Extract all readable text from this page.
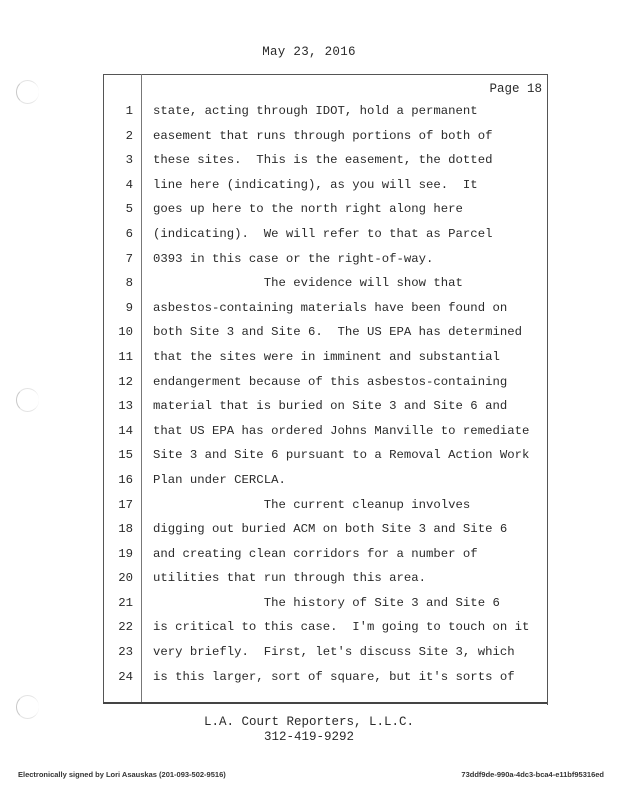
May 23, 2016
Page 18
1 state, acting through IDOT, hold a permanent
2 easement that runs through portions of both of
3 these sites.  This is the easement, the dotted
4 line here (indicating), as you will see.  It
5 goes up here to the north right along here
6 (indicating).  We will refer to that as Parcel
7 0393 in this case or the right-of-way.
8 The evidence will show that
9 asbestos-containing materials have been found on
10 both Site 3 and Site 6.  The US EPA has determined
11 that the sites were in imminent and substantial
12 endangerment because of this asbestos-containing
13 material that is buried on Site 3 and Site 6 and
14 that US EPA has ordered Johns Manville to remediate
15 Site 3 and Site 6 pursuant to a Removal Action Work
16 Plan under CERCLA.
17 The current cleanup involves
18 digging out buried ACM on both Site 3 and Site 6
19 and creating clean corridors for a number of
20 utilities that run through this area.
21 The history of Site 3 and Site 6
22 is critical to this case.  I'm going to touch on it
23 very briefly.  First, let's discuss Site 3, which
24 is this larger, sort of square, but it's sorts of
L.A. Court Reporters, L.L.C.
312-419-9292
Electronically signed by Lori Asauskas (201-093-502-9516)	73ddf9de-990a-4dc3-bca4-e11bf95316ed
